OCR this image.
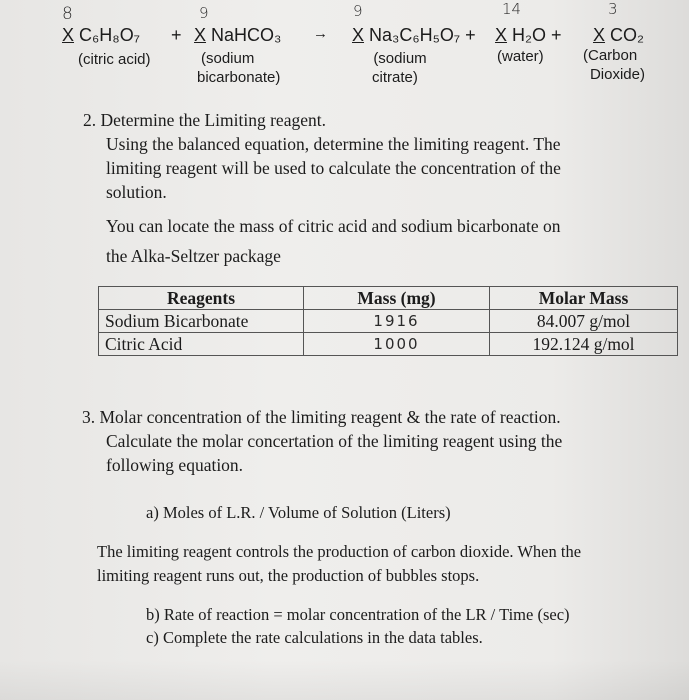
8	9	9	14	3
X C₆H₈O₇ + X NaHCO₃ → X Na₃C₆H₅O₇ + X H₂O + X CO₂
(citric acid)	(sodium
bicarbonate)
(sodium
citrate)
(water)	(Carbon
Dioxide)
2. Determine the Limiting reagent.
Using the balanced equation, determine the limiting reagent. The
limiting reagent will be used to calculate the concentration of the
solution.
You can locate the mass of citric acid and sodium bicarbonate on
the Alka-Seltzer package
Reagents	Mass (mg)	Molar Mass
Sodium Bicarbonate	1916	84.007 g/mol
Citric Acid	1000	192.124 g/mol
3. Molar concentration of the limiting reagent & the rate of reaction.
Calculate the molar concertation of the limiting reagent using the
following equation.
a) Moles of L.R. / Volume of Solution (Liters)
The limiting reagent controls the production of carbon dioxide. When the
limiting reagent runs out, the production of bubbles stops.
b) Rate of reaction = molar concentration of the LR / Time (sec)
c) Complete the rate calculations in the data tables.
